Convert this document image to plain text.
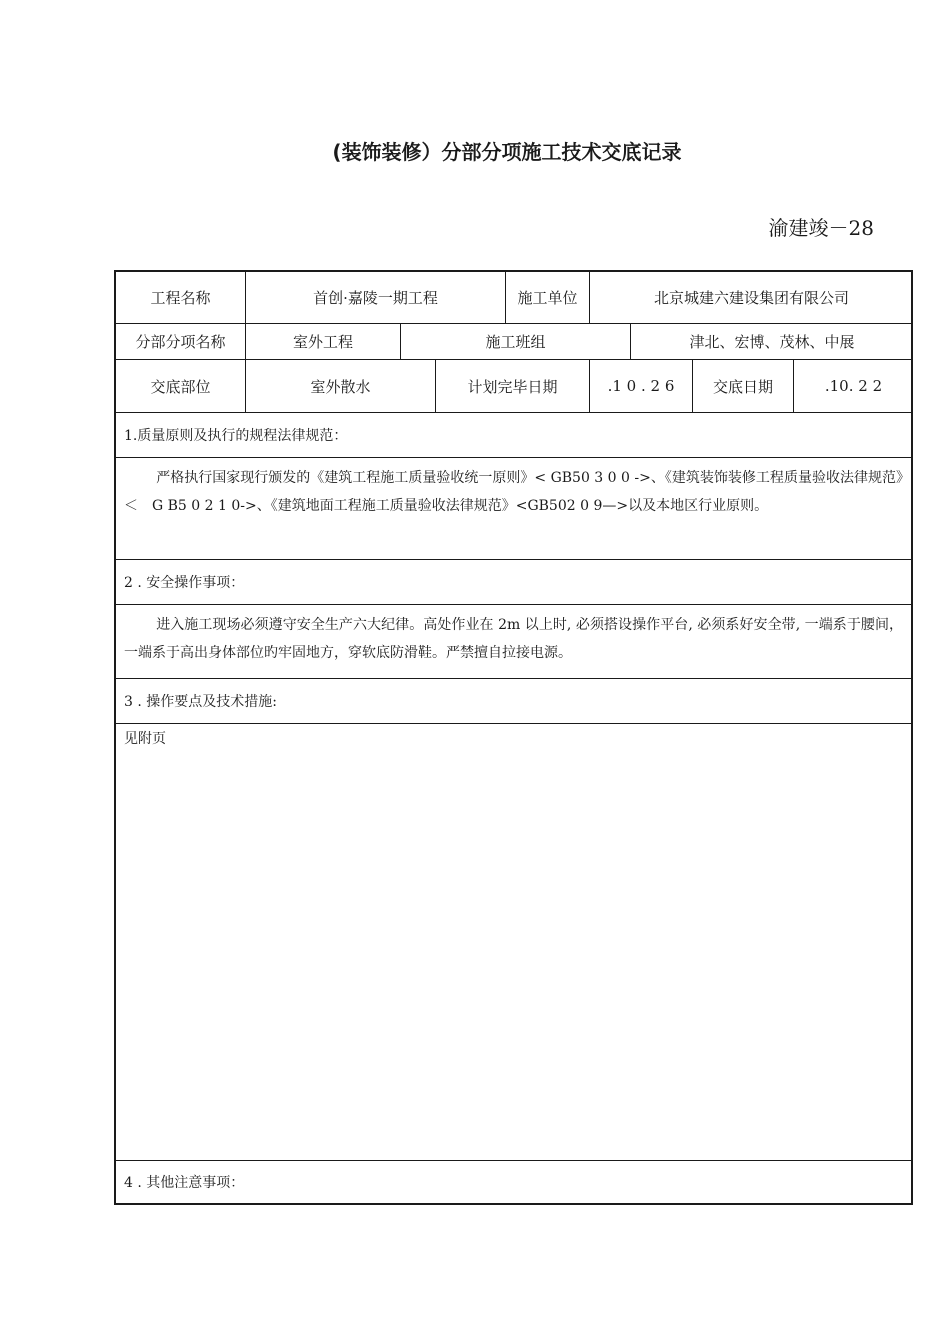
(装饰装修）分部分项施工技术交底记录
渝建竣－28
工程名称	首创·嘉陵一期工程	施工单位	北京城建六建设集团有限公司
分部分项名称	室外工程	施工班组	津北、宏博、茂林、中展
交底部位	室外散水	计划完毕日期	.1 0 . 2 6	交底日期	.10. 2 2
1.质量原则及执行的规程法律规范：
严格执行国家现行颁发的《建筑工程施工质量验收统一原则》< GB50 3 0 0 ->、《建筑装饰装修工程质量验收法律规范》＜　G B5 0 2 1 0->、《建筑地面工程施工质量验收法律规范》<GB502 0 9—>以及本地区行业原则。
2 . 安全操作事项：
进入施工现场必须遵守安全生产六大纪律。高处作业在 2m 以上时, 必须搭设操作平台, 必须系好安全带, 一端系于腰间，一端系于高出身体部位旳牢固地方，穿软底防滑鞋。严禁擅自拉接电源。
3 . 操作要点及技术措施:
见附页
4 . 其他注意事项：
